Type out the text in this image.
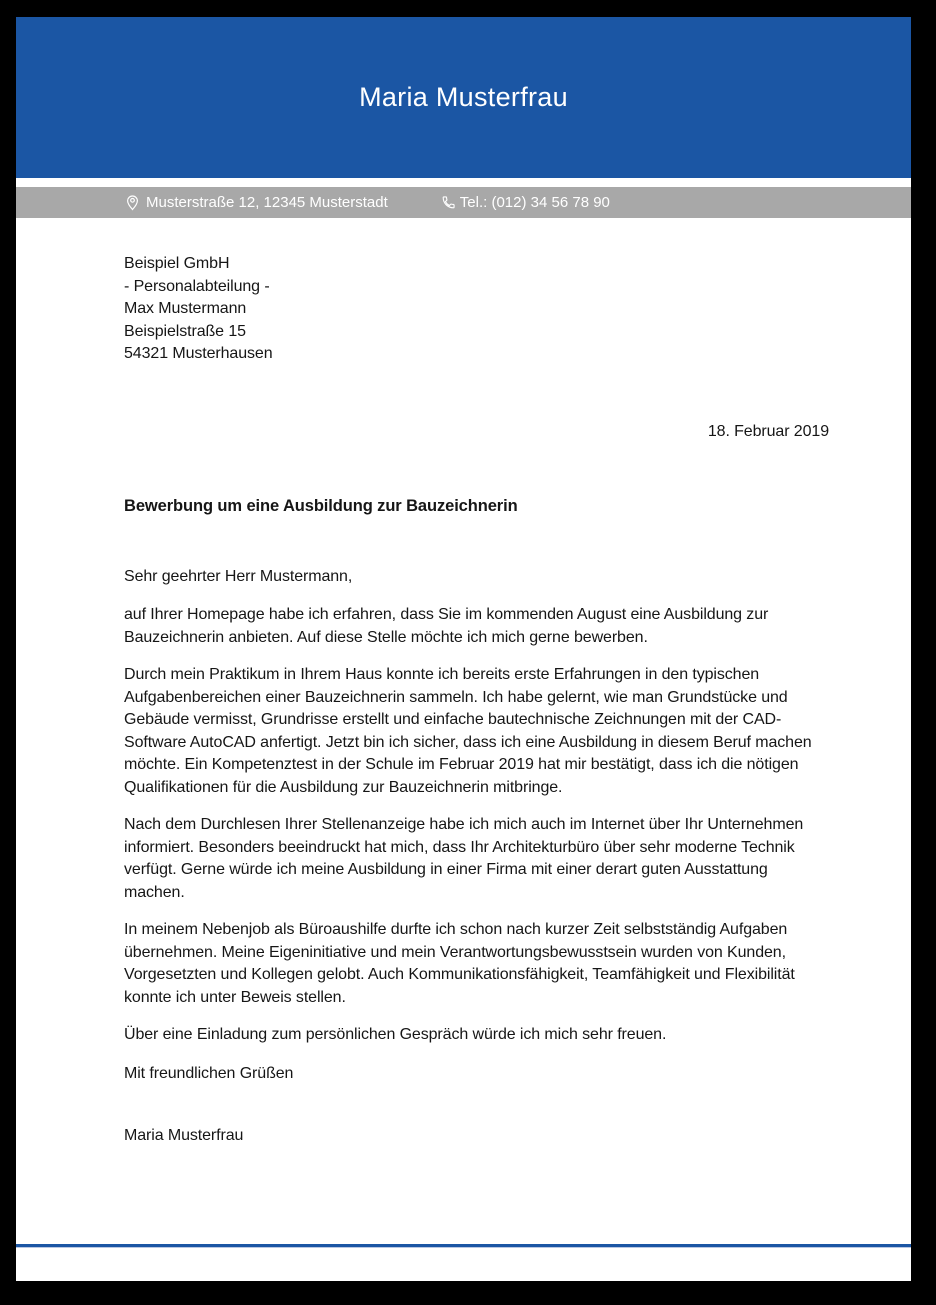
Maria Musterfrau
Musterstraße 12, 12345 Musterstadt	Tel.: (012) 34 56 78 90
Beispiel GmbH
- Personalabteilung -
Max Mustermann
Beispielstraße 15
54321 Musterhausen
18. Februar 2019
Bewerbung um eine Ausbildung zur Bauzeichnerin
Sehr geehrter Herr Mustermann,

auf Ihrer Homepage habe ich erfahren, dass Sie im kommenden August eine Ausbildung zur Bauzeichnerin anbieten. Auf diese Stelle möchte ich mich gerne bewerben.

Durch mein Praktikum in Ihrem Haus konnte ich bereits erste Erfahrungen in den typischen Aufgabenbereichen einer Bauzeichnerin sammeln. Ich habe gelernt, wie man Grundstücke und Gebäude vermisst, Grundrisse erstellt und einfache bautechnische Zeichnungen mit der CAD-Software AutoCAD anfertigt. Jetzt bin ich sicher, dass ich eine Ausbildung in diesem Beruf machen möchte. Ein Kompetenztest in der Schule im Februar 2019 hat mir bestätigt, dass ich die nötigen Qualifikationen für die Ausbildung zur Bauzeichnerin mitbringe.

Nach dem Durchlesen Ihrer Stellenanzeige habe ich mich auch im Internet über Ihr Unternehmen informiert. Besonders beeindruckt hat mich, dass Ihr Architekturbüro über sehr moderne Technik verfügt. Gerne würde ich meine Ausbildung in einer Firma mit einer derart guten Ausstattung machen.

In meinem Nebenjob als Büroaushilfe durfte ich schon nach kurzer Zeit selbstständig Aufgaben übernehmen. Meine Eigeninitiative und mein Verantwortungsbewusstsein wurden von Kunden, Vorgesetzten und Kollegen gelobt. Auch Kommunikationsfähigkeit, Teamfähigkeit und Flexibilität konnte ich unter Beweis stellen.

Über eine Einladung zum persönlichen Gespräch würde ich mich sehr freuen.

Mit freundlichen Grüßen
Maria Musterfrau
